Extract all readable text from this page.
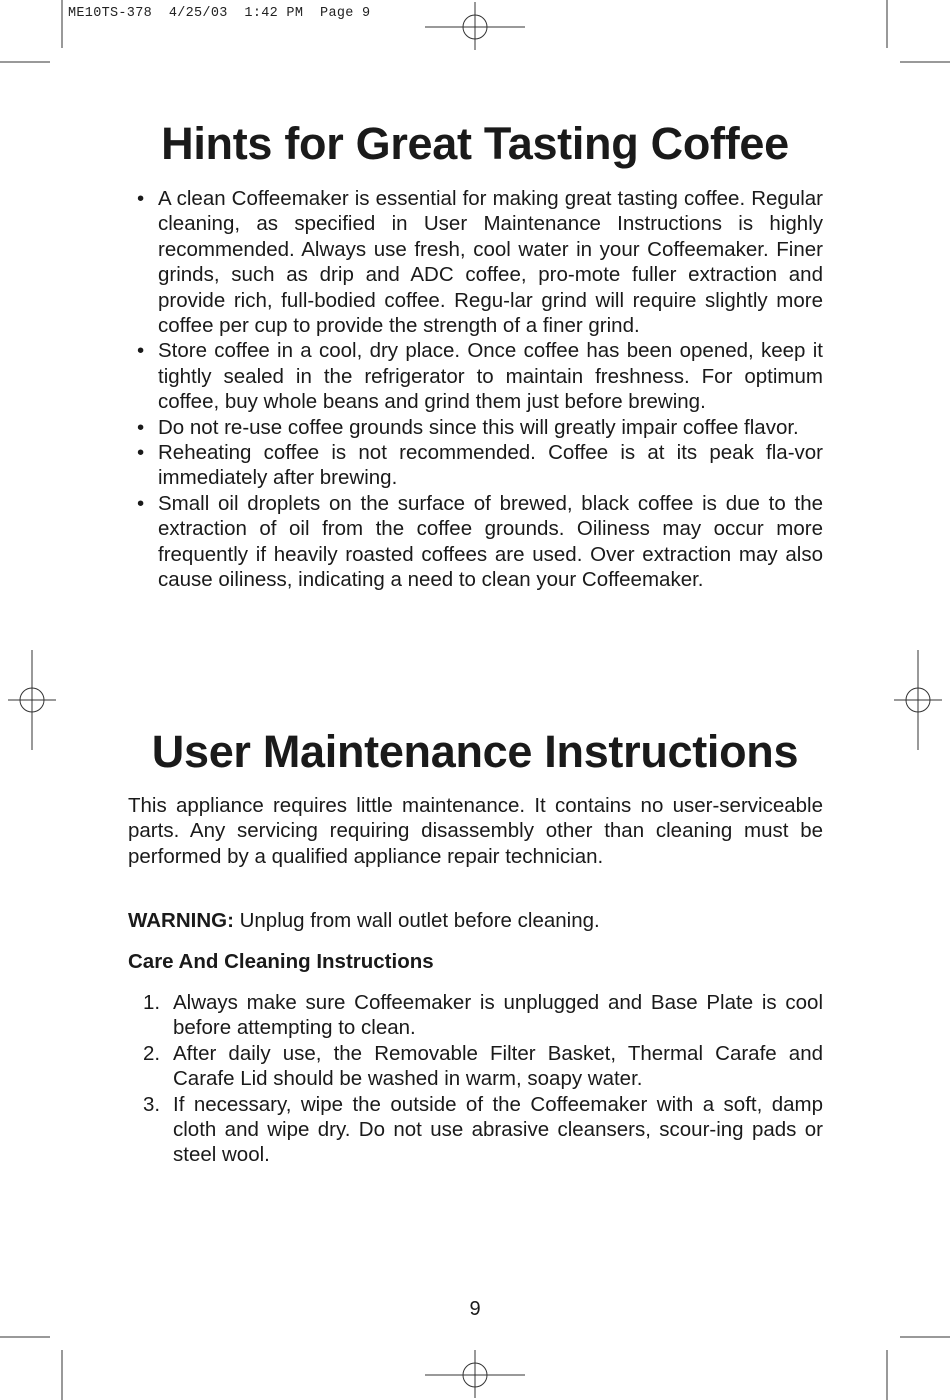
ME10TS-378  4/25/03  1:42 PM  Page 9
Hints for Great Tasting Coffee
• A clean Coffeemaker is essential for making great tasting coffee. Regular cleaning, as specified in User Maintenance Instructions is highly recommended. Always use fresh, cool water in your Coffeemaker. Finer grinds, such as drip and ADC coffee, pro-mote fuller extraction and provide rich, full-bodied coffee. Regu-lar grind will require slightly more coffee per cup to provide the strength of a finer grind.
• Store coffee in a cool, dry place. Once coffee has been opened, keep it tightly sealed in the refrigerator to maintain freshness. For optimum coffee, buy whole beans and grind them just before brewing.
• Do not re-use coffee grounds since this will greatly impair coffee flavor.
• Reheating coffee is not recommended. Coffee is at its peak fla-vor immediately after brewing.
• Small oil droplets on the surface of brewed, black coffee is due to the extraction of oil from the coffee grounds. Oiliness may occur more frequently if heavily roasted coffees are used. Over extraction may also cause oiliness, indicating a need to clean your Coffeemaker.
User Maintenance Instructions

This appliance requires little maintenance. It contains no user-serviceable parts. Any servicing requiring disassembly other than cleaning must be performed by a qualified appliance repair technician.

WARNING: Unplug from wall outlet before cleaning.

Care And Cleaning Instructions

1. Always make sure Coffeemaker is unplugged and Base Plate is cool before attempting to clean.
2. After daily use, the Removable Filter Basket, Thermal Carafe and Carafe Lid should be washed in warm, soapy water.
3. If necessary, wipe the outside of the Coffeemaker with a soft, damp cloth and wipe dry. Do not use abrasive cleansers, scour-ing pads or steel wool.

9
